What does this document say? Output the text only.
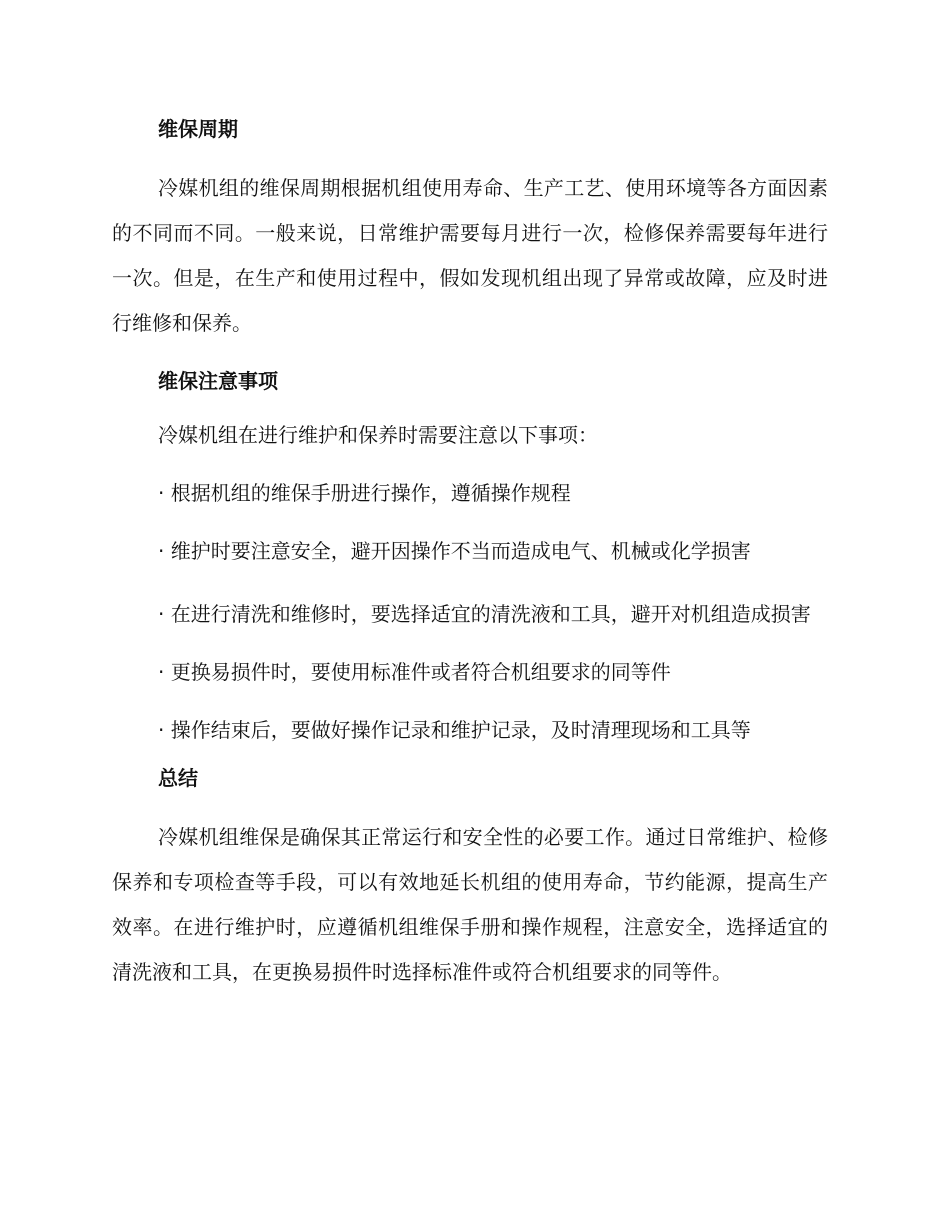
维保周期

冷媒机组的维保周期根据机组使用寿命、生产工艺、使用环境等各方面因素的不同而不同。一般来说，日常维护需要每月进行一次，检修保养需要每年进行一次。但是，在生产和使用过程中，假如发现机组出现了异常或故障，应及时进行维修和保养。

维保注意事项

冷媒机组在进行维护和保养时需要注意以下事项：

· 根据机组的维保手册进行操作，遵循操作规程

· 维护时要注意安全，避开因操作不当而造成电气、机械或化学损害

· 在进行清洗和维修时，要选择适宜的清洗液和工具，避开对机组造成损害

· 更换易损件时，要使用标准件或者符合机组要求的同等件

· 操作结束后，要做好操作记录和维护记录，及时清理现场和工具等

总结

冷媒机组维保是确保其正常运行和安全性的必要工作。通过日常维护、检修保养和专项检查等手段，可以有效地延长机组的使用寿命，节约能源，提高生产效率。在进行维护时，应遵循机组维保手册和操作规程，注意安全，选择适宜的清洗液和工具，在更换易损件时选择标准件或符合机组要求的同等件。
